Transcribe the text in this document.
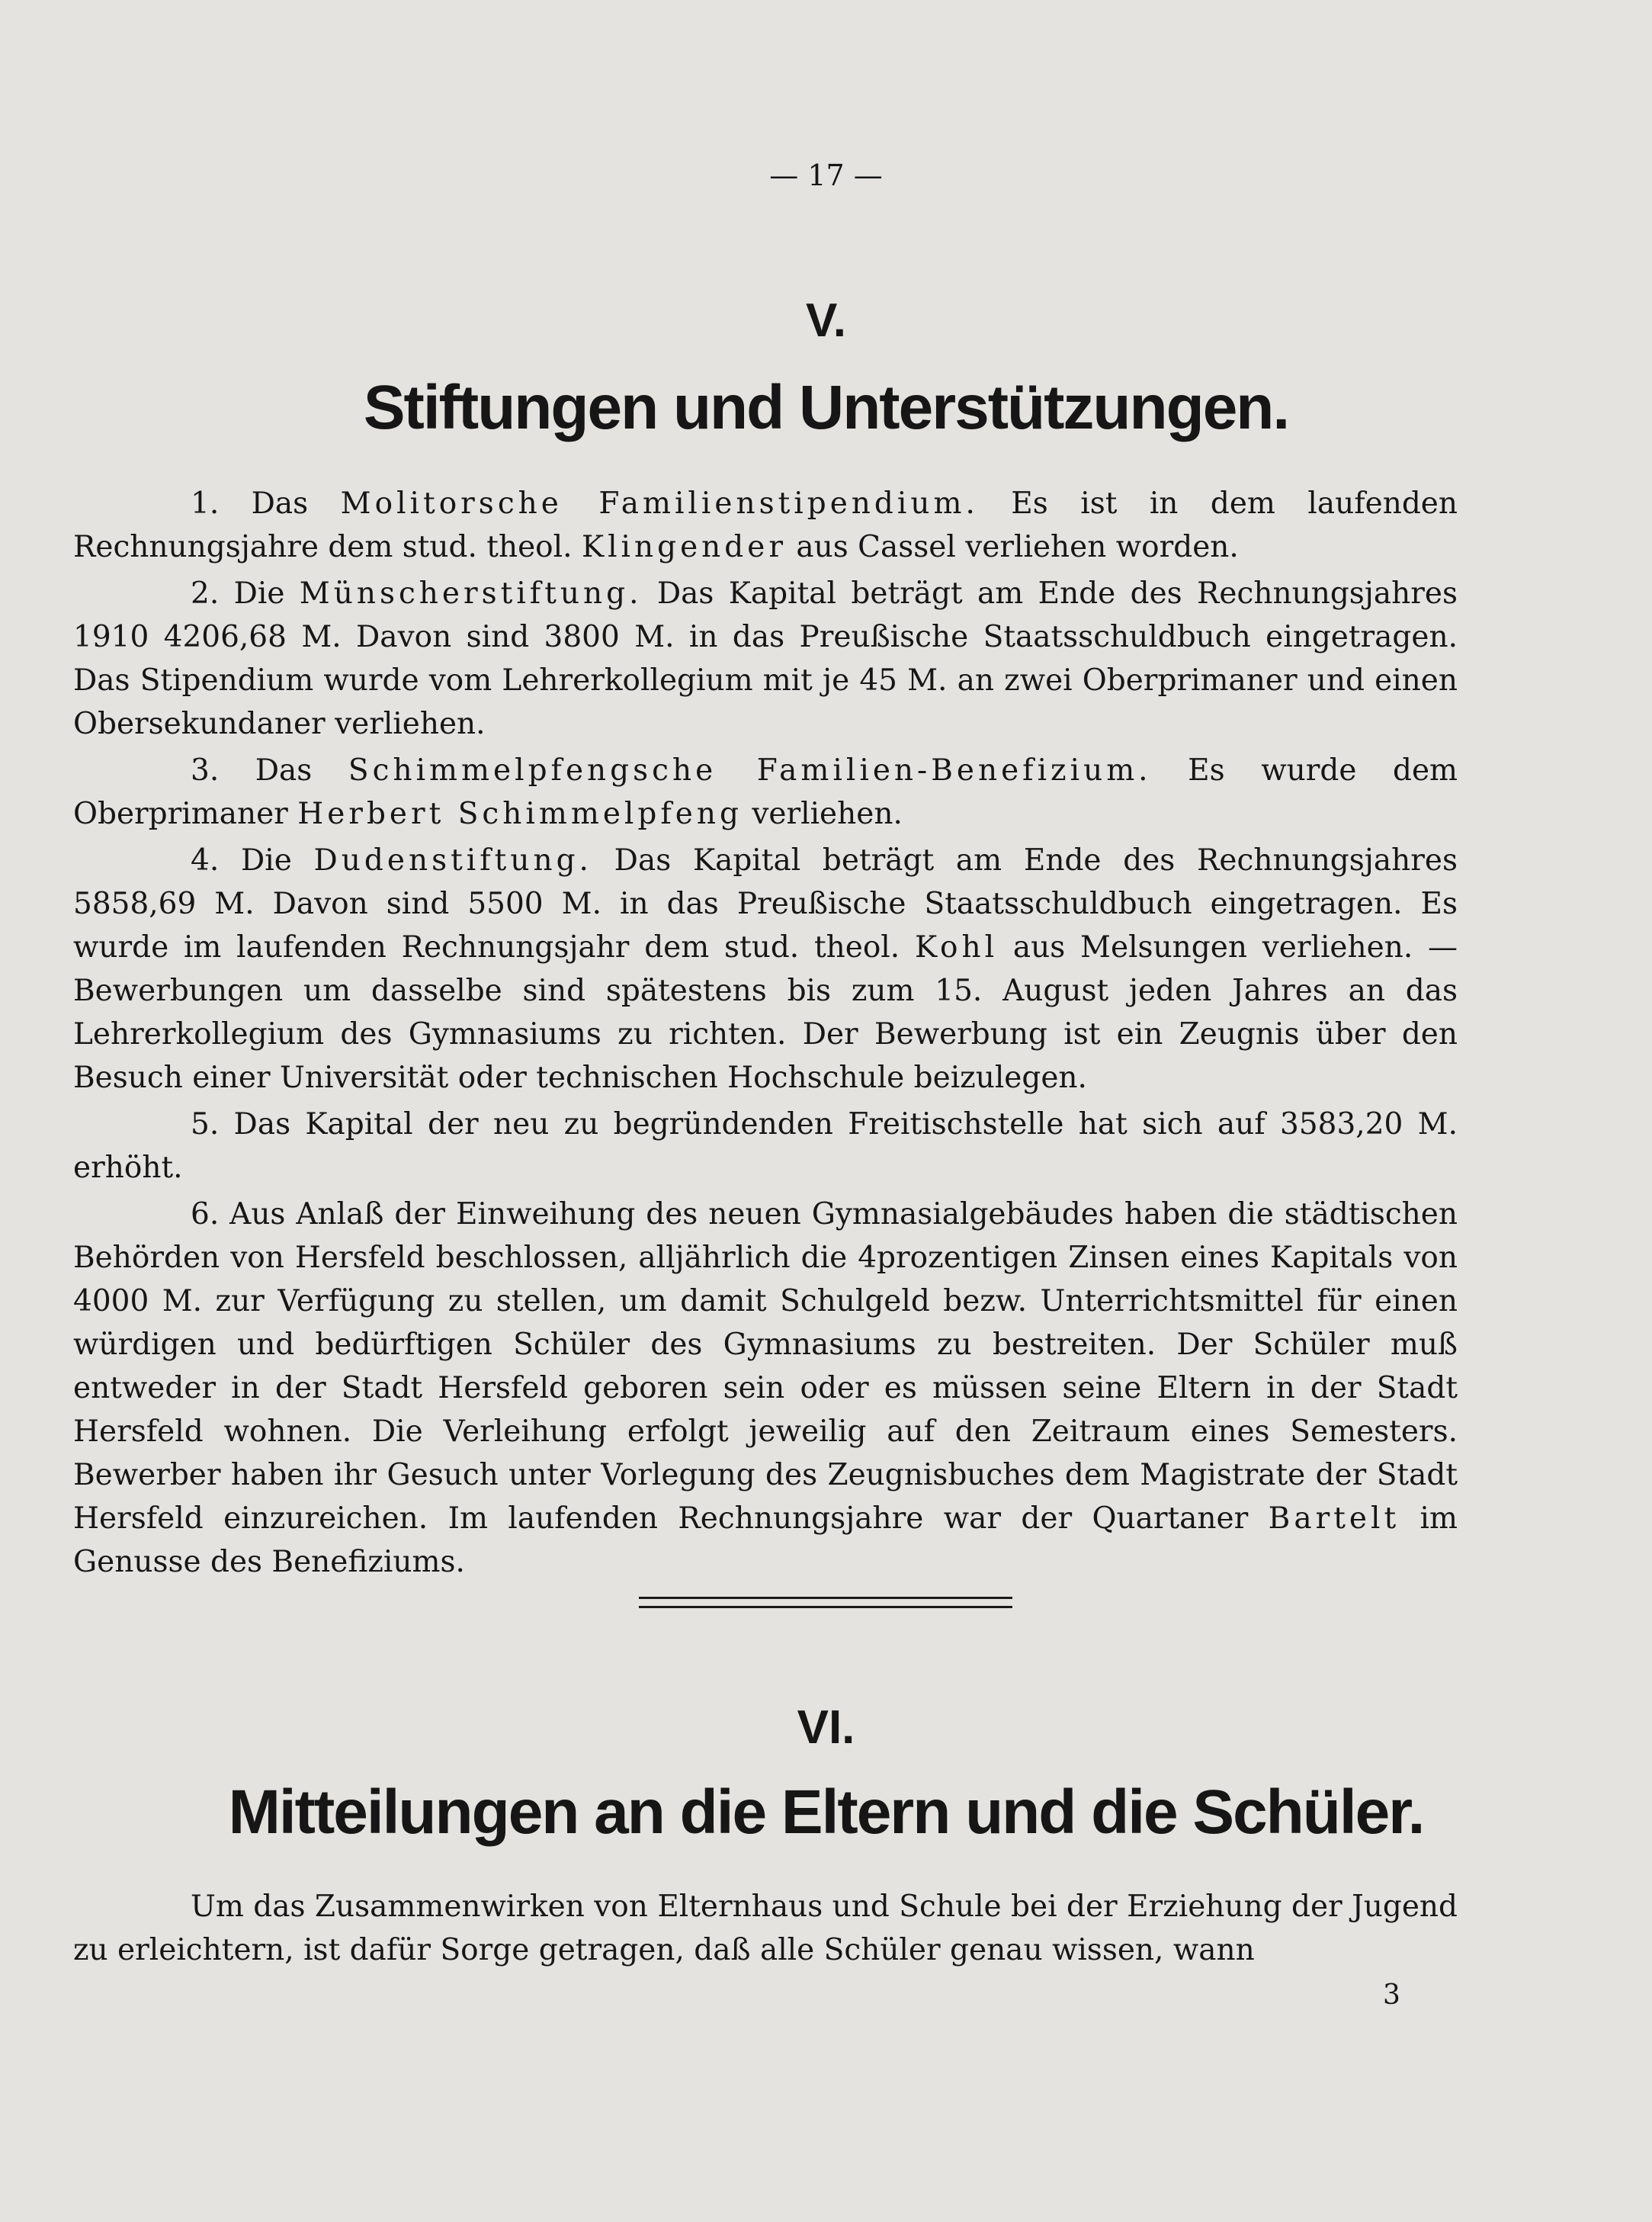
— 17 —
V.
Stiftungen und Unterstützungen.

1. Das Molitorsche Familienstipendium. Es ist in dem laufenden Rechnungsjahre dem stud. theol. Klingender aus Cassel verliehen worden.

2. Die Münscherstiftung. Das Kapital beträgt am Ende des Rechnungsjahres 1910 4206,68 M. Davon sind 3800 M. in das Preußische Staatsschuldbuch eingetragen. Das Stipendium wurde vom Lehrerkollegium mit je 45 M. an zwei Oberprimaner und einen Obersekundaner verliehen.

3. Das Schimmelpfengsche Familien-Benefizium. Es wurde dem Oberprimaner Herbert Schimmelpfeng verliehen.

4. Die Dudenstiftung. Das Kapital beträgt am Ende des Rechnungsjahres 5858,69 M. Davon sind 5500 M. in das Preußische Staatsschuldbuch eingetragen. Es wurde im laufenden Rechnungsjahr dem stud. theol. Kohl aus Melsungen verliehen. — Bewerbungen um dasselbe sind spätestens bis zum 15. August jeden Jahres an das Lehrerkollegium des Gymnasiums zu richten. Der Bewerbung ist ein Zeugnis über den Besuch einer Universität oder technischen Hochschule beizulegen.

5. Das Kapital der neu zu begründenden Freitischstelle hat sich auf 3583,20 M. erhöht.

6. Aus Anlaß der Einweihung des neuen Gymnasialgebäudes haben die städtischen Behörden von Hersfeld beschlossen, alljährlich die 4prozentigen Zinsen eines Kapitals von 4000 M. zur Verfügung zu stellen, um damit Schulgeld bezw. Unterrichtsmittel für einen würdigen und bedürftigen Schüler des Gymnasiums zu bestreiten. Der Schüler muß entweder in der Stadt Hersfeld geboren sein oder es müssen seine Eltern in der Stadt Hersfeld wohnen. Die Verleihung erfolgt jeweilig auf den Zeitraum eines Semesters. Bewerber haben ihr Gesuch unter Vorlegung des Zeugnisbuches dem Magistrate der Stadt Hersfeld einzureichen. Im laufenden Rechnungsjahre war der Quartaner Bartelt im Genusse des Benefiziums.

VI.
Mitteilungen an die Eltern und die Schüler.

Um das Zusammenwirken von Elternhaus und Schule bei der Erziehung der Jugend zu erleichtern, ist dafür Sorge getragen, daß alle Schüler genau wissen, wann

3
